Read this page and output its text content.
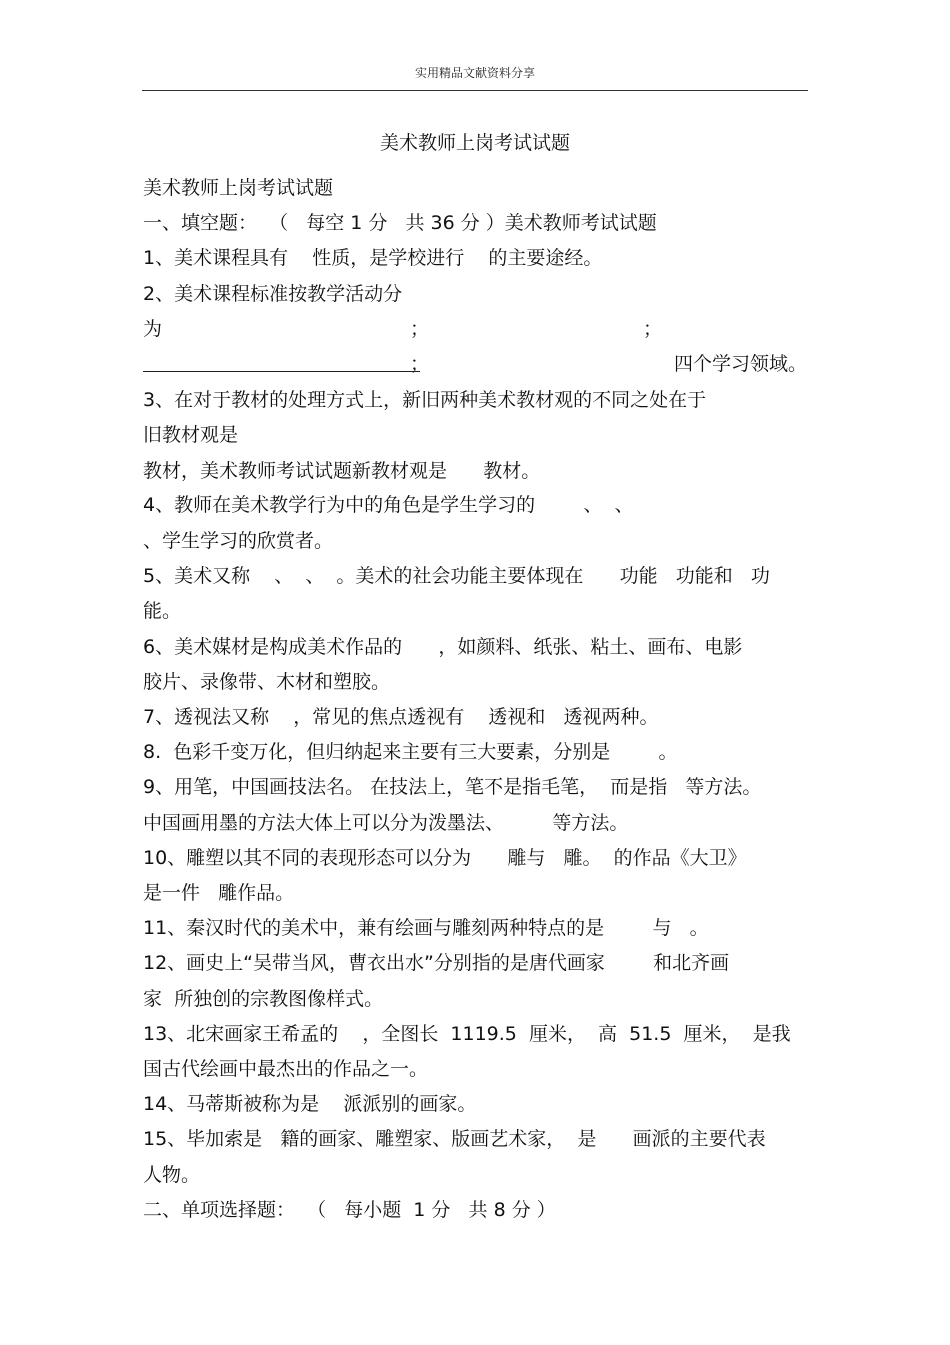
实用精品文献资料分享
美术教师上岗考试试题
美术教师上岗考试试题
一、填空题：  （   每空 1 分   共 36 分 ）美术教师考试试题
1、美术课程具有    性质，是学校进行    的主要途经。
2、美术课程标准按教学活动分
为	；	；
；	四个学习领域。
3、在对于教材的处理方式上，新旧两种美术教材观的不同之处在于
旧教材观是
教材，美术教师考试试题新教材观是      教材。
4、教师在美术教学行为中的角色是学生学习的        、  、
、学生学习的欣赏者。
5、美术又称    、  、  。美术的社会功能主要体现在      功能   功能和   功
能。
6、美术媒材是构成美术作品的      ，如颜料、纸张、粘土、画布、电影
胶片、录像带、木材和塑胶。
7、透视法又称    ，常见的焦点透视有    透视和   透视两种。
8.  色彩千变万化，但归纳起来主要有三大要素，分别是        。
9、用笔，中国画技法名。 在技法上，笔不是指毛笔，  而是指   等方法。
中国画用墨的方法大体上可以分为泼墨法、        等方法。
10、雕塑以其不同的表现形态可以分为      雕与   雕。  的作品《大卫》
是一件   雕作品。
11、秦汉时代的美术中，兼有绘画与雕刻两种特点的是        与   。
12、画史上“吴带当风，曹衣出水”分别指的是唐代画家        和北齐画
家  所独创的宗教图像样式。
13、北宋画家王希孟的    ，全图长  1119.5  厘米，  高  51.5  厘米，  是我
国古代绘画中最杰出的作品之一。
14、马蒂斯被称为是    派派别的画家。
15、毕加索是   籍的画家、雕塑家、版画艺术家，  是      画派的主要代表
人物。
二、单项选择题：  （   每小题  1 分   共 8 分 ）
